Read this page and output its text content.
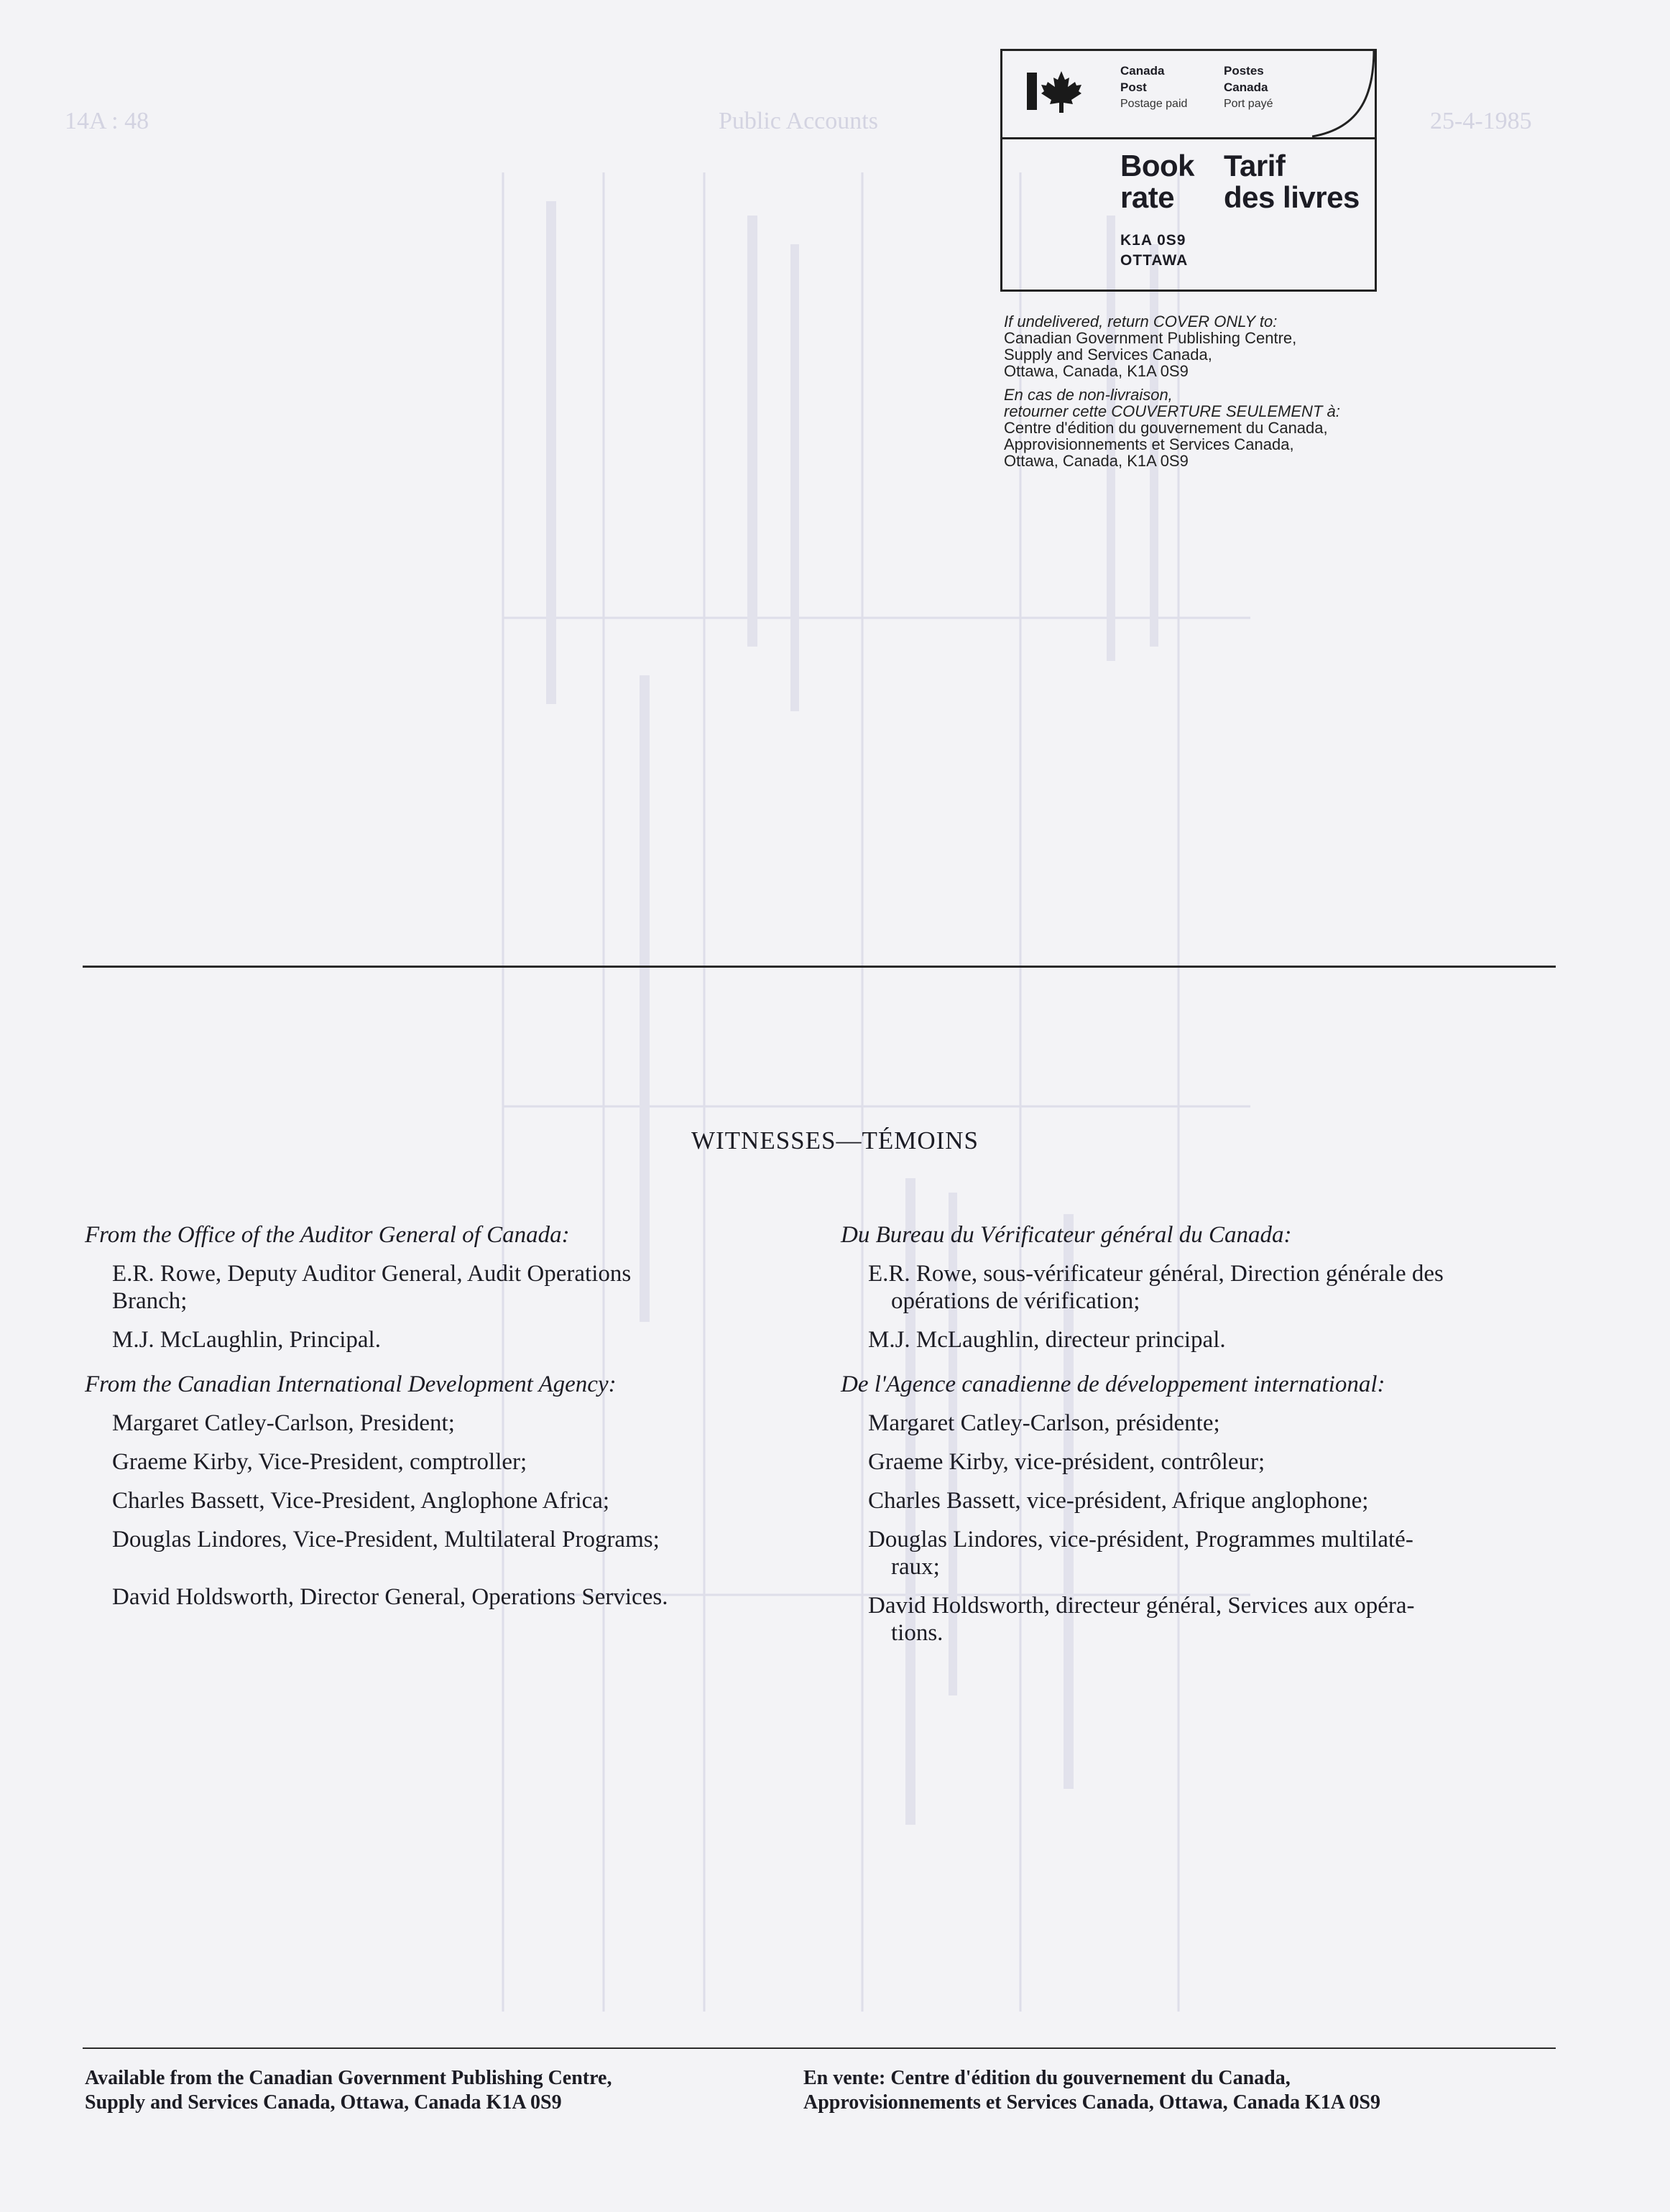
14A : 48	Public Accounts	25-4-1985
Canada
Post
Postage paid
Postes
Canada
Port payé
Book
rate
Tarif
des livres
K1A 0S9
OTTAWA
If undelivered, return COVER ONLY to:
Canadian Government Publishing Centre,
Supply and Services Canada,
Ottawa, Canada, K1A 0S9
En cas de non-livraison,
retourner cette COUVERTURE SEULEMENT à:
Centre d'édition du gouvernement du Canada,
Approvisionnements et Services Canada,
Ottawa, Canada, K1A 0S9
WITNESSES—TÉMOINS
From the Office of the Auditor General of Canada:
E.R. Rowe, Deputy Auditor General, Audit Operations
Branch;
M.J. McLaughlin, Principal.
From the Canadian International Development Agency:
Margaret Catley-Carlson, President;
Graeme Kirby, Vice-President, comptroller;
Charles Bassett, Vice-President, Anglophone Africa;
Douglas Lindores, Vice-President, Multilateral Programs;
David Holdsworth, Director General, Operations Services.
Du Bureau du Vérificateur général du Canada:
E.R. Rowe, sous-vérificateur général, Direction générale des
opérations de vérification;
M.J. McLaughlin, directeur principal.
De l'Agence canadienne de développement international:
Margaret Catley-Carlson, présidente;
Graeme Kirby, vice-président, contrôleur;
Charles Bassett, vice-président, Afrique anglophone;
Douglas Lindores, vice-président, Programmes multilaté-
raux;
David Holdsworth, directeur général, Services aux opéra-
tions.
Available from the Canadian Government Publishing Centre,
Supply and Services Canada, Ottawa, Canada K1A 0S9
En vente: Centre d'édition du gouvernement du Canada,
Approvisionnements et Services Canada, Ottawa, Canada K1A 0S9
